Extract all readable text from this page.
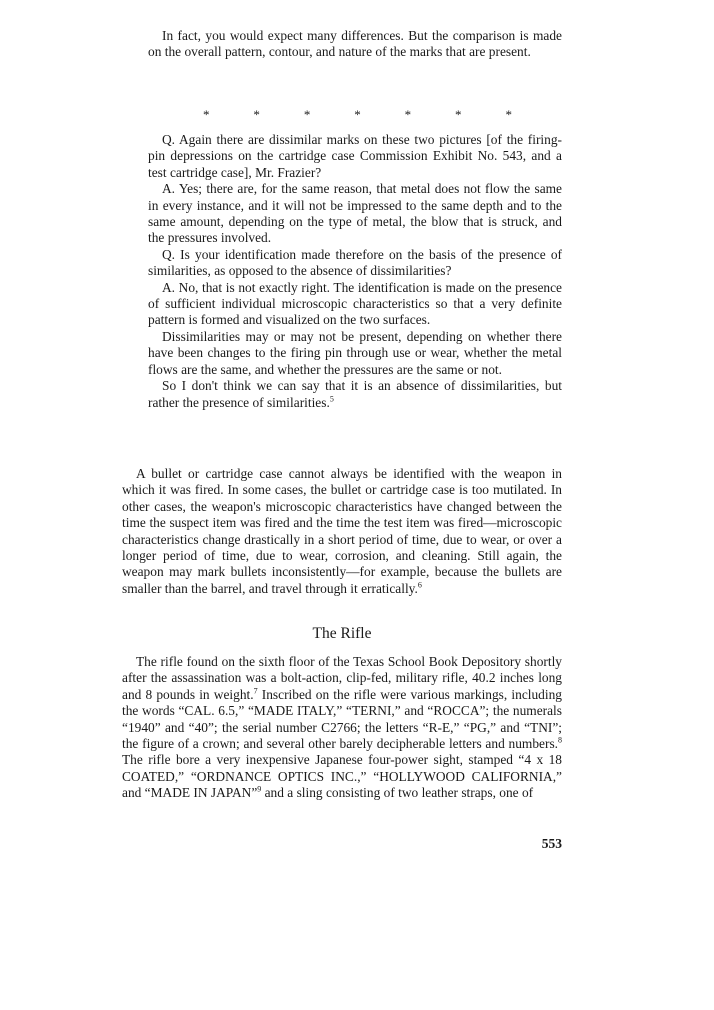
In fact, you would expect many differences. But the comparison is made on the overall pattern, contour, and nature of the marks that are present.

*	*	*	*	*	*	*

Q. Again there are dissimilar marks on these two pictures [of the firing-pin depressions on the cartridge case Commission Exhibit No. 543, and a test cartridge case], Mr. Frazier?

A. Yes; there are, for the same reason, that metal does not flow the same in every instance, and it will not be impressed to the same depth and to the same amount, depending on the type of metal, the blow that is struck, and the pressures involved.

Q. Is your identification made therefore on the basis of the presence of similarities, as opposed to the absence of dissimilarities?

A. No, that is not exactly right. The identification is made on the presence of sufficient individual microscopic characteristics so that a very definite pattern is formed and visualized on the two surfaces.

Dissimilarities may or may not be present, depending on whether there have been changes to the firing pin through use or wear, whether the metal flows are the same, and whether the pressures are the same or not.

So I don't think we can say that it is an absence of dissimilarities, but rather the presence of similarities.$^5$

A bullet or cartridge case cannot always be identified with the weapon in which it was fired. In some cases, the bullet or cartridge case is too mutilated. In other cases, the weapon's microscopic characteristics have changed between the time the suspect item was fired and the time the test item was fired—microscopic characteristics change drastically in a short period of time, due to wear, or over a longer period of time, due to wear, corrosion, and cleaning. Still again, the weapon may mark bullets inconsistently—for example, because the bullets are smaller than the barrel, and travel through it erratically.$^6$

The Rifle

The rifle found on the sixth floor of the Texas School Book Depository shortly after the assassination was a bolt-action, clip-fed, military rifle, 40.2 inches long and 8 pounds in weight.$^7$ Inscribed on the rifle were various markings, including the words “CAL. 6.5,” “MADE ITALY,” “TERNI,” and “ROCCA”; the numerals “1940” and “40”; the serial number C2766; the letters “R-E,” “PG,” and “TNI”; the figure of a crown; and several other barely decipherable letters and numbers.$^8$ The rifle bore a very inexpensive Japanese four-power sight, stamped “4 x 18 COATED,” “ORDNANCE OPTICS INC.,” “HOLLYWOOD CALIFORNIA,” and “MADE IN JAPAN”$^9$ and a sling consisting of two leather straps, one of

553
